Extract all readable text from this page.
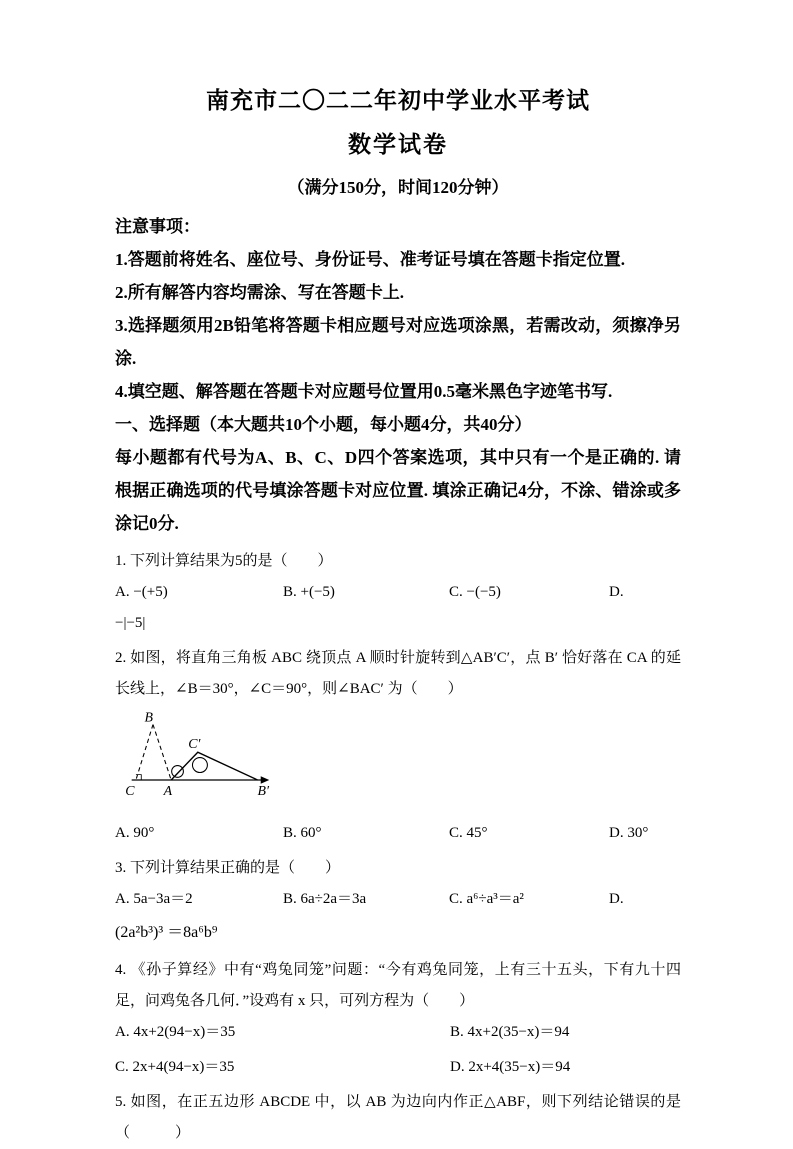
南充市二〇二二年初中学业水平考试
数学试卷
（满分150分，时间120分钟）

注意事项：

1.答题前将姓名、座位号、身份证号、准考证号填在答题卡指定位置.

2.所有解答内容均需涂、写在答题卡上.

3.选择题须用2B铅笔将答题卡相应题号对应选项涂黑，若需改动，须擦净另涂.

4.填空题、解答题在答题卡对应题号位置用0.5毫米黑色字迹笔书写.

一、选择题（本大题共10个小题，每小题4分，共40分）

每小题都有代号为A、B、C、D四个答案选项，其中只有一个是正确的. 请根据正确选项的代号填涂答题卡对应位置. 填涂正确记4分，不涂、错涂或多涂记0分.

1. 下列计算结果为5的是（　　）

A. −(+5)	B. +(−5)	C. −(−5)	D.

−|−5|

2. 如图，将直角三角板 ABC 绕顶点 A 顺时针旋转到△AB′C′，点 B′ 恰好落在 CA 的延长线上，∠B＝30°，∠C＝90°，则∠BAC′ 为（　　）

B
C′
C A	B′
A. 90°	B. 60°	C. 45°	D. 30°

3. 下列计算结果正确的是（　　）

A. 5a−3a＝2	B. 6a÷2a＝3a	C. a⁶÷a³＝a²	D.

(2a²b³)³ ＝8a⁶b⁹

4. 《孙子算经》中有“鸡兔同笼”问题：“今有鸡兔同笼，上有三十五头，下有九十四足，问鸡兔各几何．”设鸡有 x 只，可列方程为（　　）

A. 4x+2(94−x)＝35	B. 4x+2(35−x)＝94
C. 2x+4(94−x)＝35	D. 2x+4(35−x)＝94

5. 如图，在正五边形 ABCDE 中，以 AB 为边向内作正△ABF，则下列结论错误的是（　　　）
